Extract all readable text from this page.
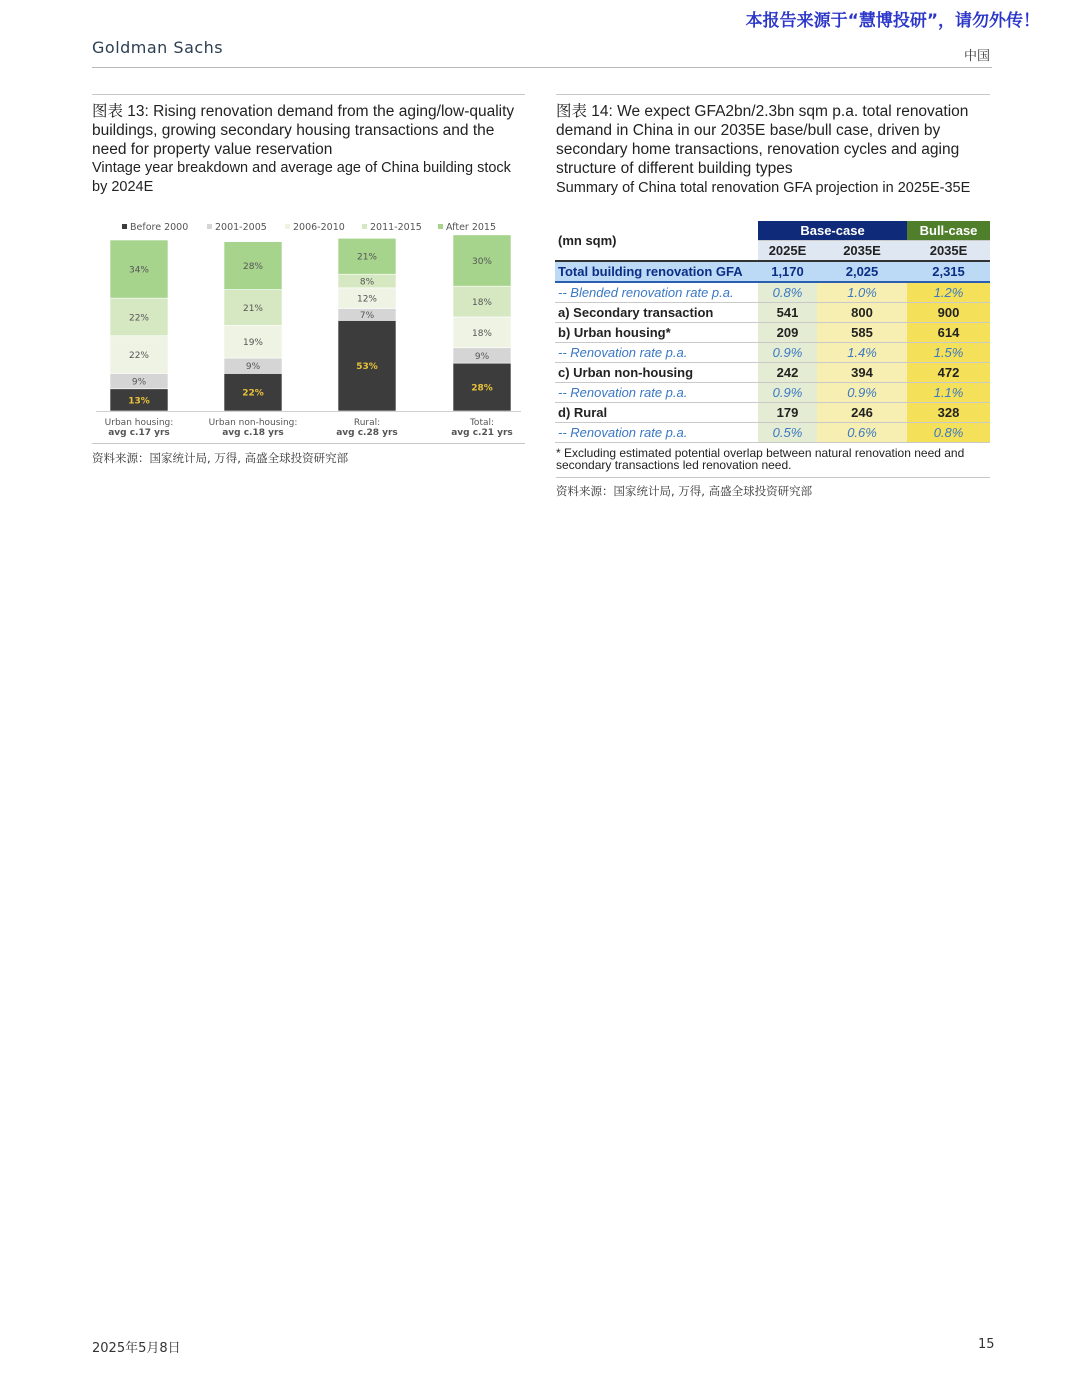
本报告来源于“慧博投研”，请勿外传！
Goldman Sachs	中国
图表 13: Rising renovation demand from the aging/low-quality buildings, growing secondary housing transactions and the need for property value reservation
Vintage year breakdown and average age of China building stock by 2024E
Before 2000	2001-2005	2006-2010	2011-2015	After 2015
13%
9%
22%
22%
34%
Urban housing:
avg c.17 yrs
22%
9%
19%
21%
28%
Urban non-housing:
avg c.18 yrs
53%
7%
12%
8%
21%
Rural:
avg c.28 yrs
28%
9%
18%
18%
30%
Total:
avg c.21 yrs
资料来源：国家统计局, 万得, 高盛全球投资研究部
图表 14: We expect GFA2bn/2.3bn sqm p.a. total renovation demand in China in our 2035E base/bull case, driven by secondary home transactions, renovation cycles and aging structure of different building types
Summary of China total renovation GFA projection in 2025E-35E
(mn sqm)	Base-case		Bull-case
	2025E	2035E	2035E
Total building renovation GFA	1,170	2,025	2,315
-- Blended renovation rate p.a.	0.8%	1.0%	1.2%
a) Secondary transaction	541	800	900
b) Urban housing*	209	585	614
-- Renovation rate p.a.	0.9%	1.4%	1.5%
c) Urban non-housing	242	394	472
-- Renovation rate p.a.	0.9%	0.9%	1.1%
d) Rural	179	246	328
-- Renovation rate p.a.	0.5%	0.6%	0.8%
* Excluding estimated potential overlap between natural renovation need and secondary transactions led renovation need.
资料来源：国家统计局, 万得, 高盛全球投资研究部
2025年5月8日	15
